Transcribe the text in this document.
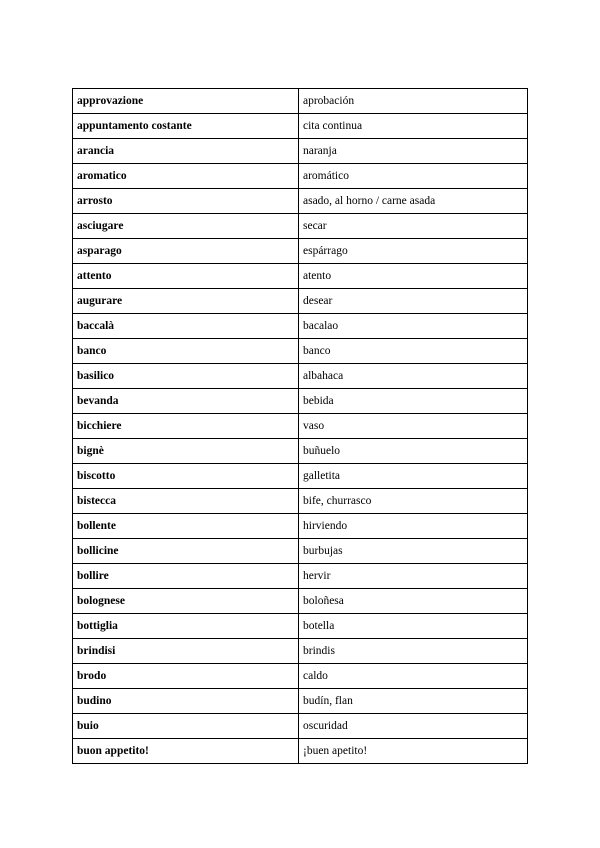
approvazione	aprobación
appuntamento costante	cita continua
arancia	naranja
aromatico	aromático
arrosto	asado, al horno / carne asada
asciugare	secar
asparago	espárrago
attento	atento
augurare	desear
baccalà	bacalao
banco	banco
basilico	albahaca
bevanda	bebida
bicchiere	vaso
bignè	buñuelo
biscotto	galletita
bistecca	bife, churrasco
bollente	hirviendo
bollicine	burbujas
bollire	hervir
bolognese	boloñesa
bottiglia	botella
brindisi	brindis
brodo	caldo
budino	budín, flan
buio	oscuridad
buon appetito!	¡buen apetito!
